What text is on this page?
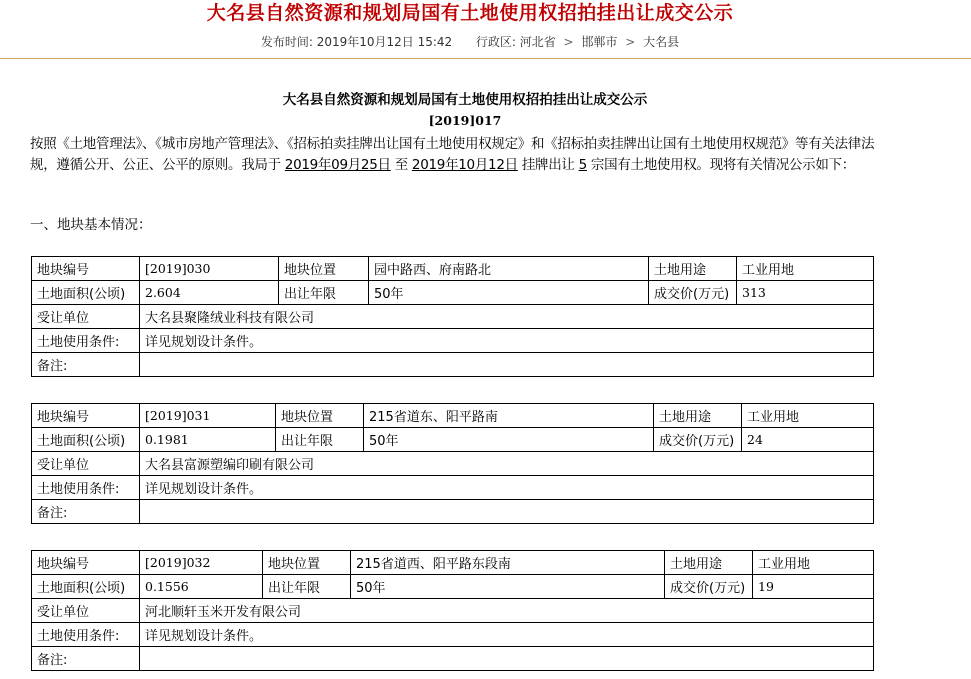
大名县自然资源和规划局国有土地使用权招拍挂出让成交公示
发布时间: 2019年10月12日 15:42 行政区: 河北省 > 邯郸市 > 大名县
大名县自然资源和规划局国有土地使用权招拍挂出让成交公示
[2019]017
按照《土地管理法》、《城市房地产管理法》、《招标拍卖挂牌出让国有土地使用权规定》和《招标拍卖挂牌出让国有土地使用权规范》等有关法律法规，遵循公开、公正、公平的原则。我局于 2019年09月25日 至 2019年10月12日 挂牌出让 5 宗国有土地使用权。现将有关情况公示如下：
一、地块基本情况：
地块编号	[2019]030	地块位置	园中路西、府南路北	土地用途	工业用地
土地面积(公顷)	2.604	出让年限	50年	成交价(万元)	313
受让单位	大名县聚隆绒业科技有限公司				
土地使用条件:	详见规划设计条件。				
备注:					
地块编号	[2019]031	地块位置	215省道东、阳平路南	土地用途	工业用地
土地面积(公顷)	0.1981	出让年限	50年	成交价(万元)	24
受让单位	大名县富源塑编印刷有限公司				
土地使用条件:	详见规划设计条件。				
备注:					
地块编号	[2019]032	地块位置	215省道西、阳平路东段南	土地用途	工业用地
土地面积(公顷)	0.1556	出让年限	50年	成交价(万元)	19
受让单位	河北顺轩玉米开发有限公司				
土地使用条件:	详见规划设计条件。				
备注:					
